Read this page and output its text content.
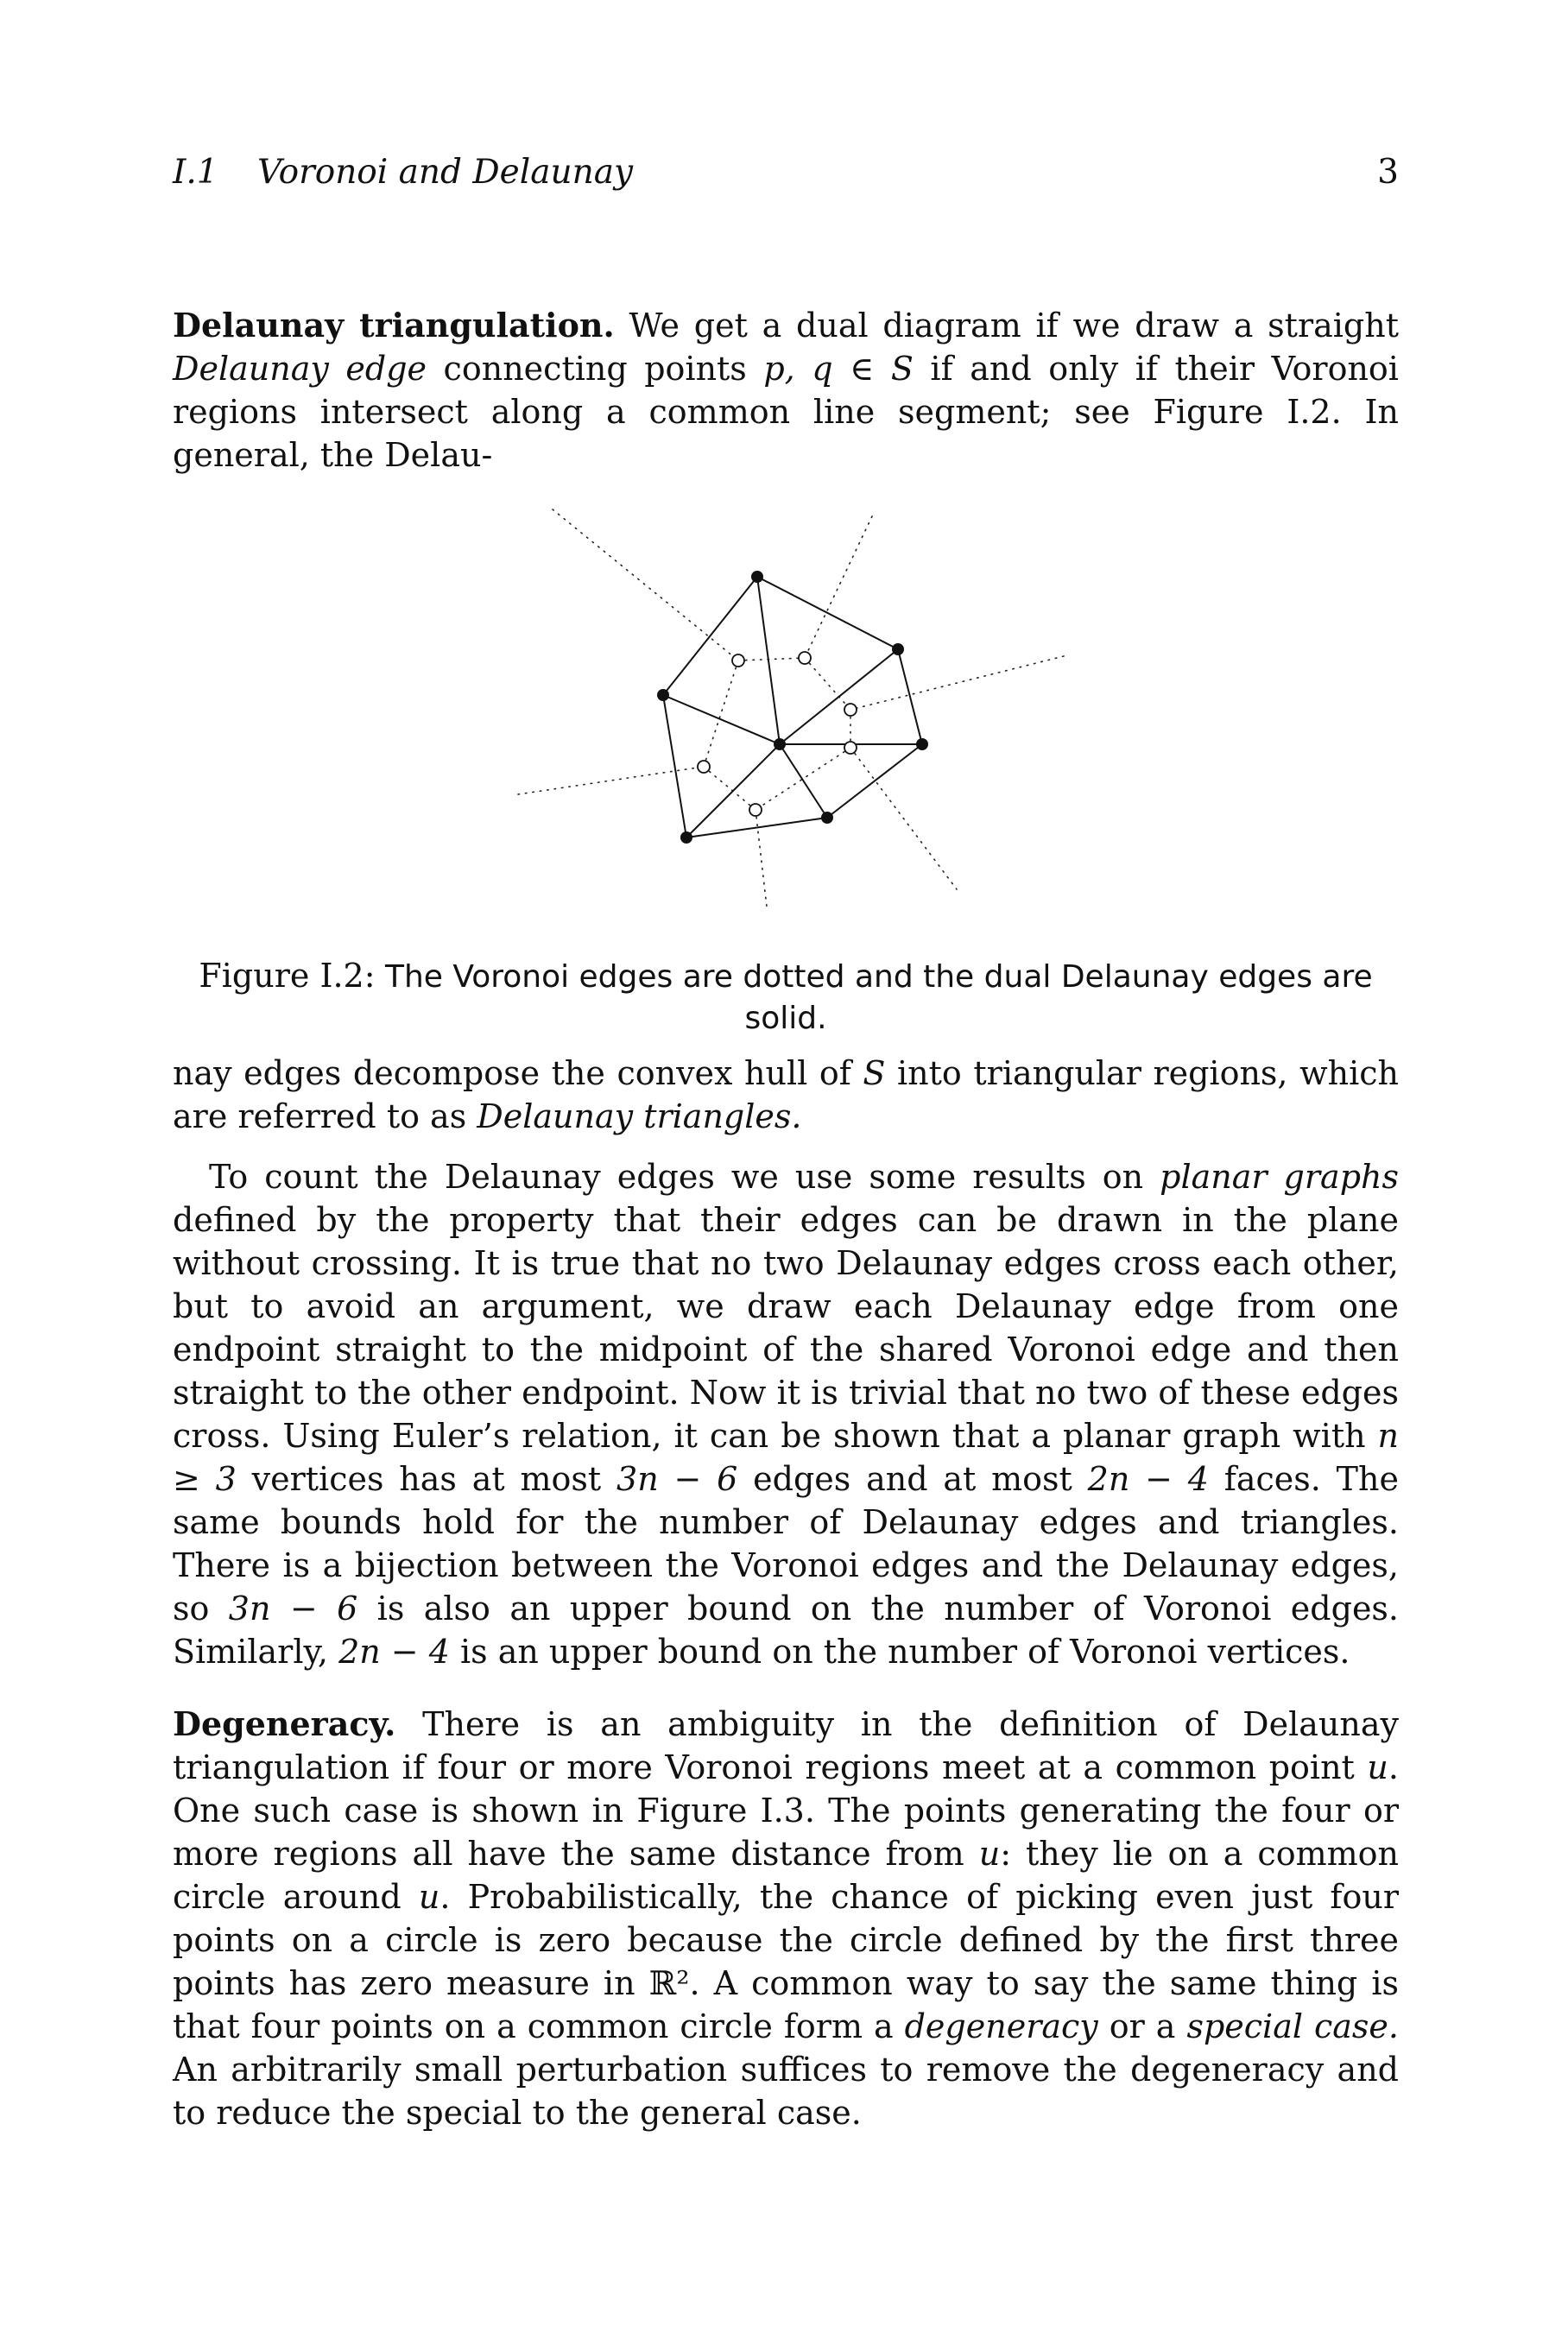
I.1 Voronoi and Delaunay	3

Delaunay triangulation. We get a dual diagram if we draw a straight Delaunay edge connecting points p, q ∈ S if and only if their Voronoi regions intersect along a common line segment; see Figure I.2. In general, the Delau-

Figure I.2: The Voronoi edges are dotted and the dual Delaunay edges are solid.

nay edges decompose the convex hull of S into triangular regions, which are referred to as Delaunay triangles.

To count the Delaunay edges we use some results on planar graphs defined by the property that their edges can be drawn in the plane without crossing. It is true that no two Delaunay edges cross each other, but to avoid an argument, we draw each Delaunay edge from one endpoint straight to the midpoint of the shared Voronoi edge and then straight to the other endpoint. Now it is trivial that no two of these edges cross. Using Euler’s relation, it can be shown that a planar graph with n ≥ 3 vertices has at most 3n − 6 edges and at most 2n − 4 faces. The same bounds hold for the number of Delaunay edges and triangles. There is a bijection between the Voronoi edges and the Delaunay edges, so 3n − 6 is also an upper bound on the number of Voronoi edges. Similarly, 2n − 4 is an upper bound on the number of Voronoi vertices.

Degeneracy. There is an ambiguity in the definition of Delaunay triangulation if four or more Voronoi regions meet at a common point u. One such case is shown in Figure I.3. The points generating the four or more regions all have the same distance from u: they lie on a common circle around u. Probabilistically, the chance of picking even just four points on a circle is zero because the circle defined by the first three points has zero measure in ℝ². A common way to say the same thing is that four points on a common circle form a degeneracy or a special case. An arbitrarily small perturbation suffices to remove the degeneracy and to reduce the special to the general case.
